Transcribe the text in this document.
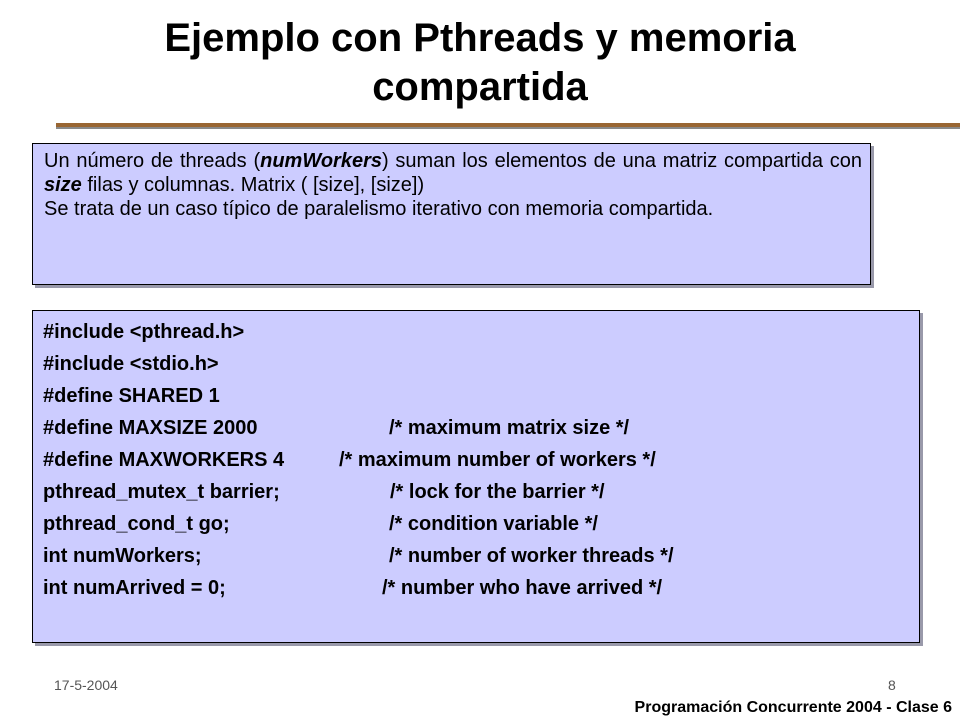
Ejemplo con Pthreads y memoria
compartida

Un número de threads (numWorkers) suman los elementos de una matriz compartida con size filas y columnas. Matrix ( [size], [size])

Se trata de un caso típico de paralelismo iterativo con memoria compartida.

#include <pthread.h>

#include <stdio.h>

#define SHARED 1

#define MAXSIZE 2000

	/* maximum matrix size */

#define MAXWORKERS 4

	/* maximum number of workers */

pthread_mutex_t barrier;

	/* lock for the barrier */

pthread_cond_t go;

	/* condition variable */

int numWorkers;

	/* number of worker threads */

int numArrived = 0;

	/* number who have arrived */

17-5-2004	8
Programación Concurrente 2004 - Clase 6
